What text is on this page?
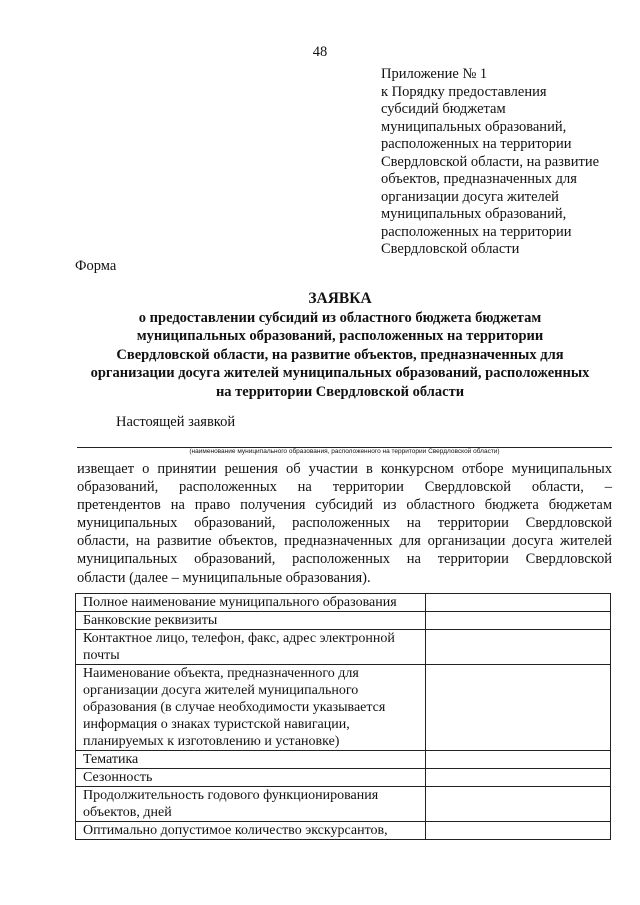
48
Приложение № 1
к Порядку предоставления
субсидий бюджетам
муниципальных образований,
расположенных на территории
Свердловской области, на развитие
объектов, предназначенных для
организации досуга жителей
муниципальных образований,
расположенных на территории
Свердловской области
Форма
ЗАЯВКА
о предоставлении субсидий из областного бюджета бюджетам
муниципальных образований, расположенных на территории
Свердловской области, на развитие объектов, предназначенных для
организации досуга жителей муниципальных образований, расположенных
на территории Свердловской области
Настоящей заявкой
(наименование муниципального образования, расположенного на территории Свердловской области)
извещает о принятии решения об участии в конкурсном отборе муниципальных
образований, расположенных на территории Свердловской области, –
претендентов на право получения субсидий из областного бюджета бюджетам
муниципальных образований, расположенных на территории Свердловской
области, на развитие объектов, предназначенных для организации досуга жителей
муниципальных образований, расположенных на территории Свердловской
области (далее – муниципальные образования).
Полное наименование муниципального образования	

Банковские реквизиты	

Контактное лицо, телефон, факс, адрес электронной
почты	

Наименование объекта, предназначенного для
организации досуга жителей муниципального
образования (в случае необходимости указывается
информация о знаках туристской навигации,
планируемых к изготовлению и установке)	

Тематика	

Сезонность	

Продолжительность годового функционирования
объектов, дней	

Оптимально допустимое количество экскурсантов,	
